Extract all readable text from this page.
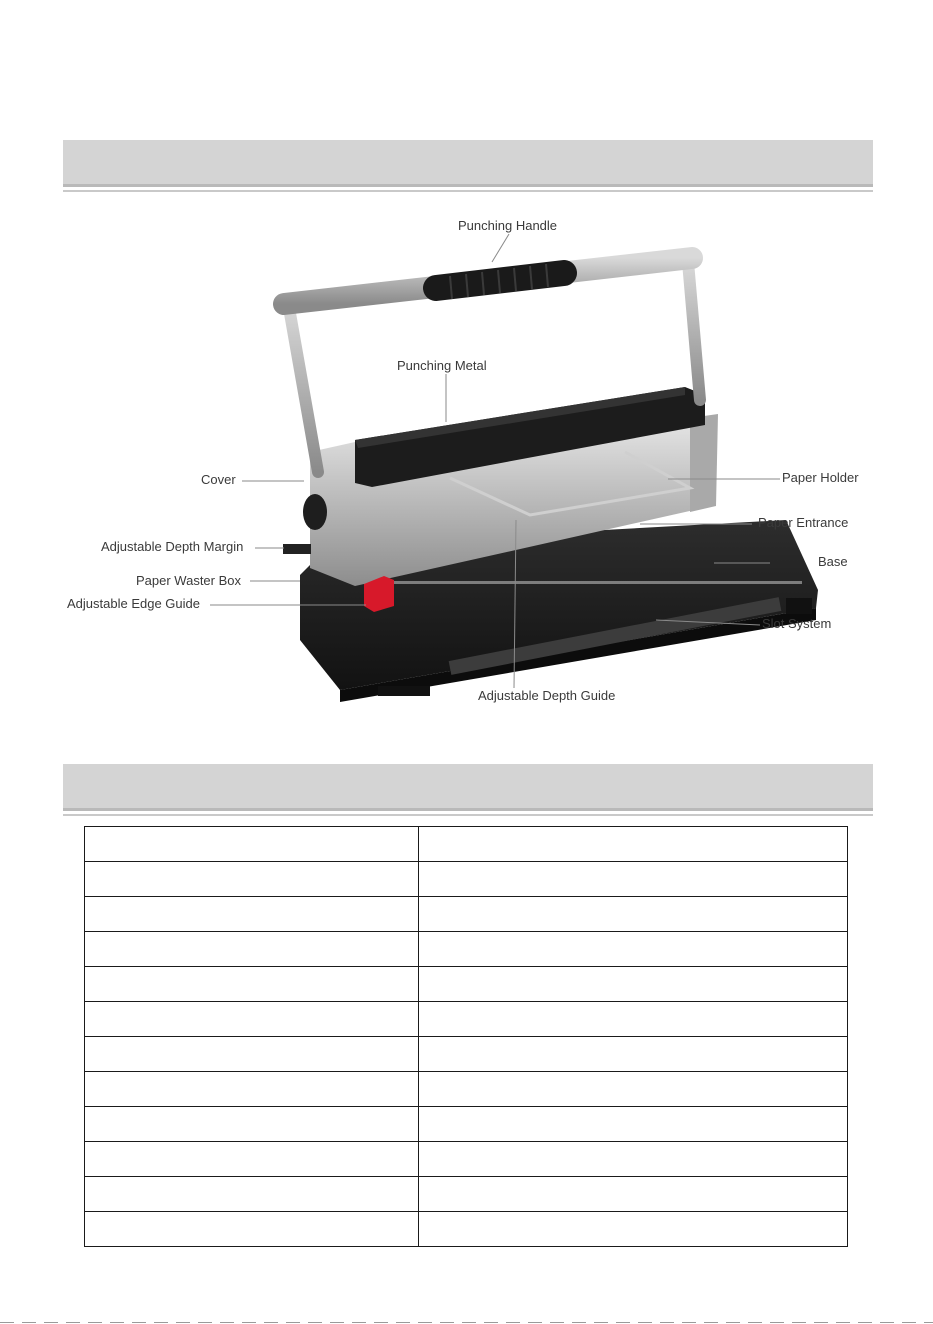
Punching Handle
Punching Metal
Cover	Paper Holder
Paper Entrance
Adjustable Depth Margin
Base
Paper Waster Box
Adjustable Edge Guide
Slot System
Adjustable Depth Guide
